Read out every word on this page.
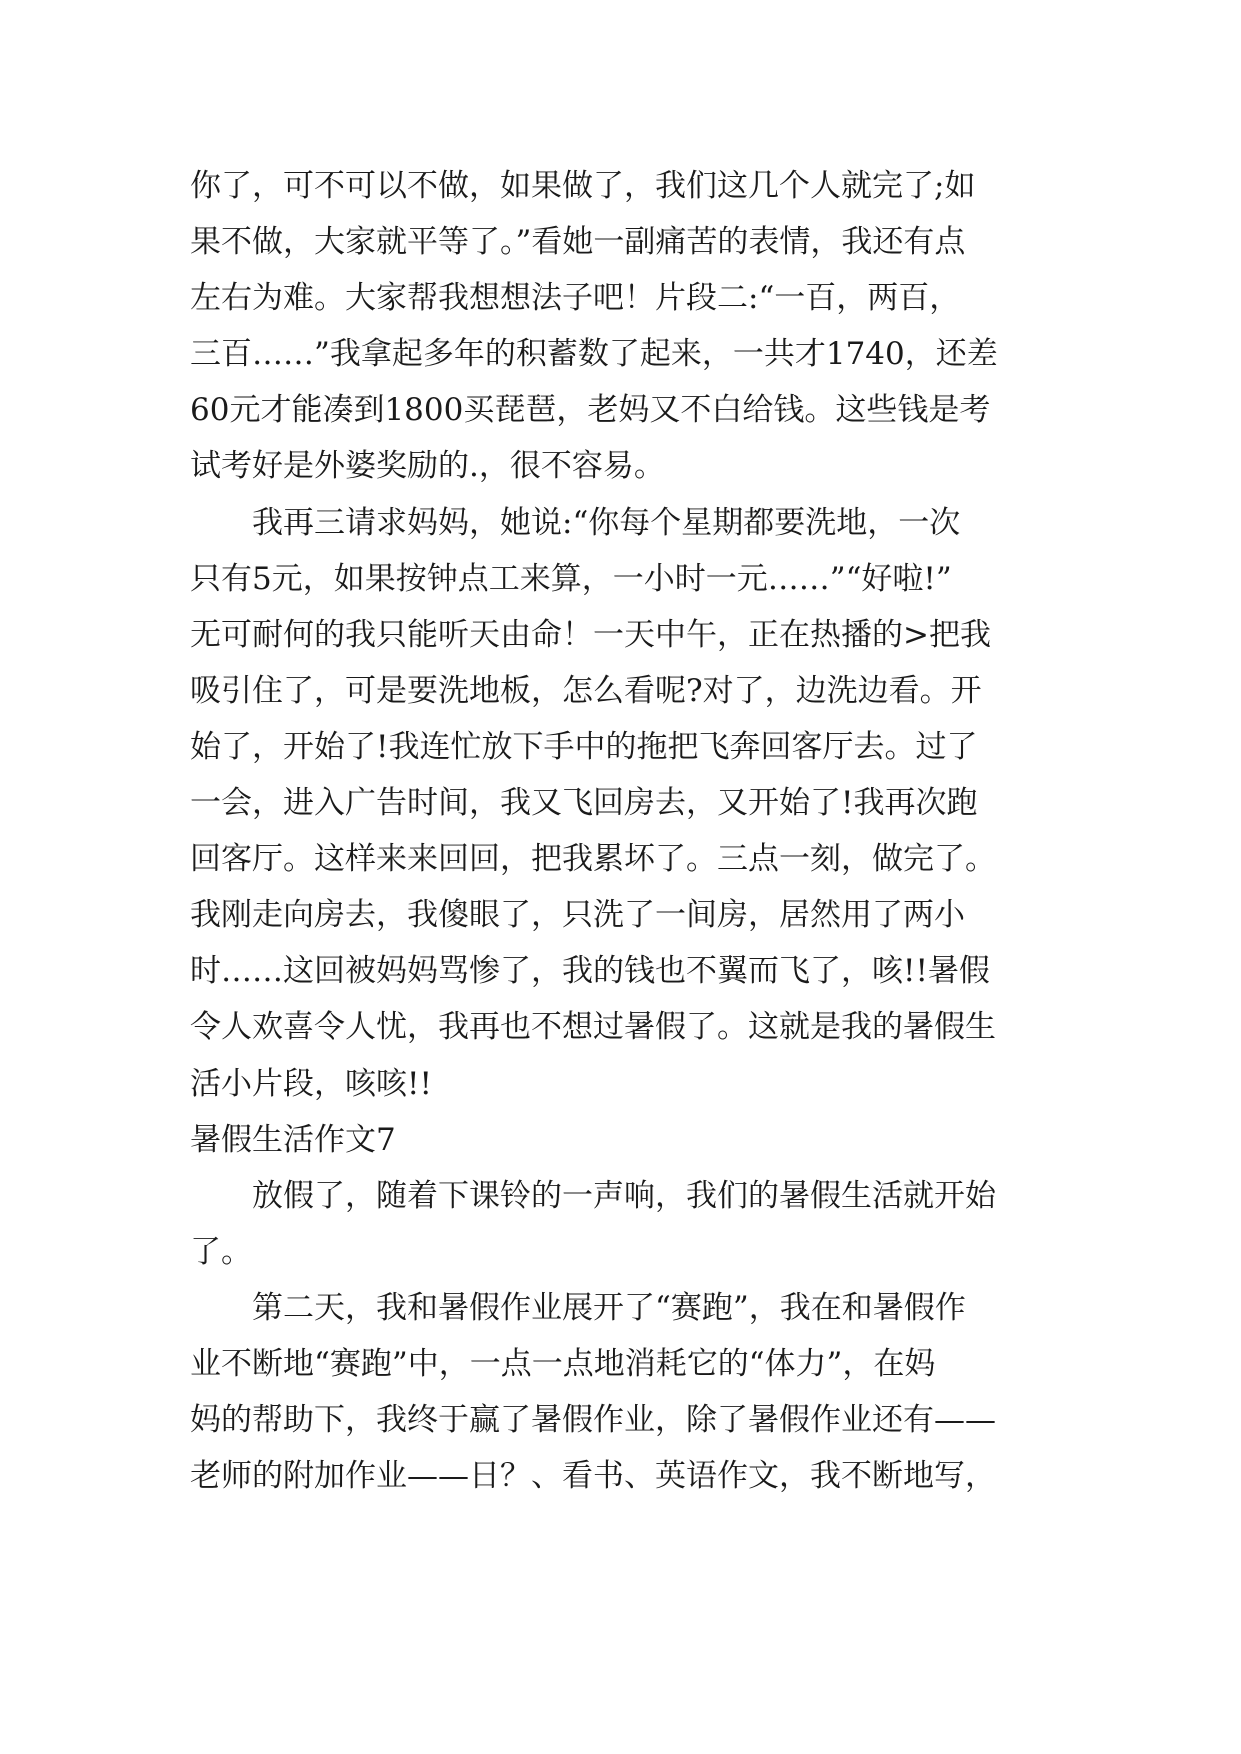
你了，可不可以不做，如果做了，我们这几个人就完了;如
果不做，大家就平等了。”看她一副痛苦的表情，我还有点
左右为难。大家帮我想想法子吧！片段二:“一百，两百，
三百……”我拿起多年的积蓄数了起来，一共才1740，还差
60元才能凑到1800买琵琶，老妈又不白给钱。这些钱是考
试考好是外婆奖励的.，很不容易。
　　我再三请求妈妈，她说:“你每个星期都要洗地，一次
只有5元，如果按钟点工来算，一小时一元……”“好啦!”
无可耐何的我只能听天由命！一天中午，正在热播的>把我
吸引住了，可是要洗地板，怎么看呢?对了，边洗边看。开
始了，开始了!我连忙放下手中的拖把飞奔回客厅去。过了
一会，进入广告时间，我又飞回房去，又开始了!我再次跑
回客厅。这样来来回回，把我累坏了。三点一刻，做完了。
我刚走向房去，我傻眼了，只洗了一间房，居然用了两小
时……这回被妈妈骂惨了，我的钱也不翼而飞了，咳!!暑假
令人欢喜令人忧，我再也不想过暑假了。这就是我的暑假生
活小片段，咳咳!!
暑假生活作文7
　　放假了，随着下课铃的一声响，我们的暑假生活就开始
了。
　　第二天，我和暑假作业展开了“赛跑”，我在和暑假作
业不断地“赛跑”中，一点一点地消耗它的“体力”，在妈
妈的帮助下，我终于赢了暑假作业，除了暑假作业还有——
老师的附加作业——日？、看书、英语作文，我不断地写，
